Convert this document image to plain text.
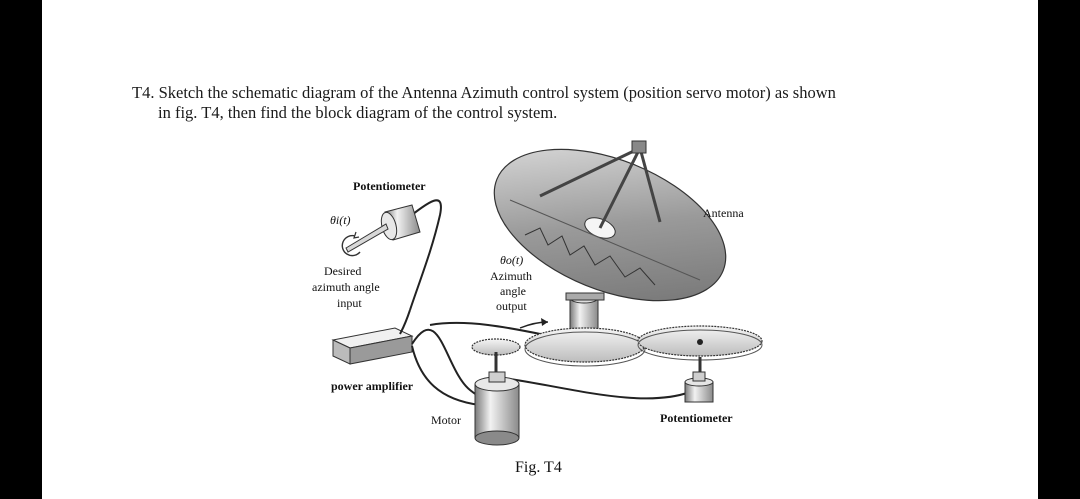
T4. Sketch the schematic diagram of the Antenna Azimuth control system (position servo motor) as shown
in fig. T4, then find the block diagram of the control system.
Potentiometer
θi(t)
Desired
azimuth angle
input
θo(t)
Azimuth
angle
output
Antenna
power amplifier
Motor	Potentiometer
Fig. T4
